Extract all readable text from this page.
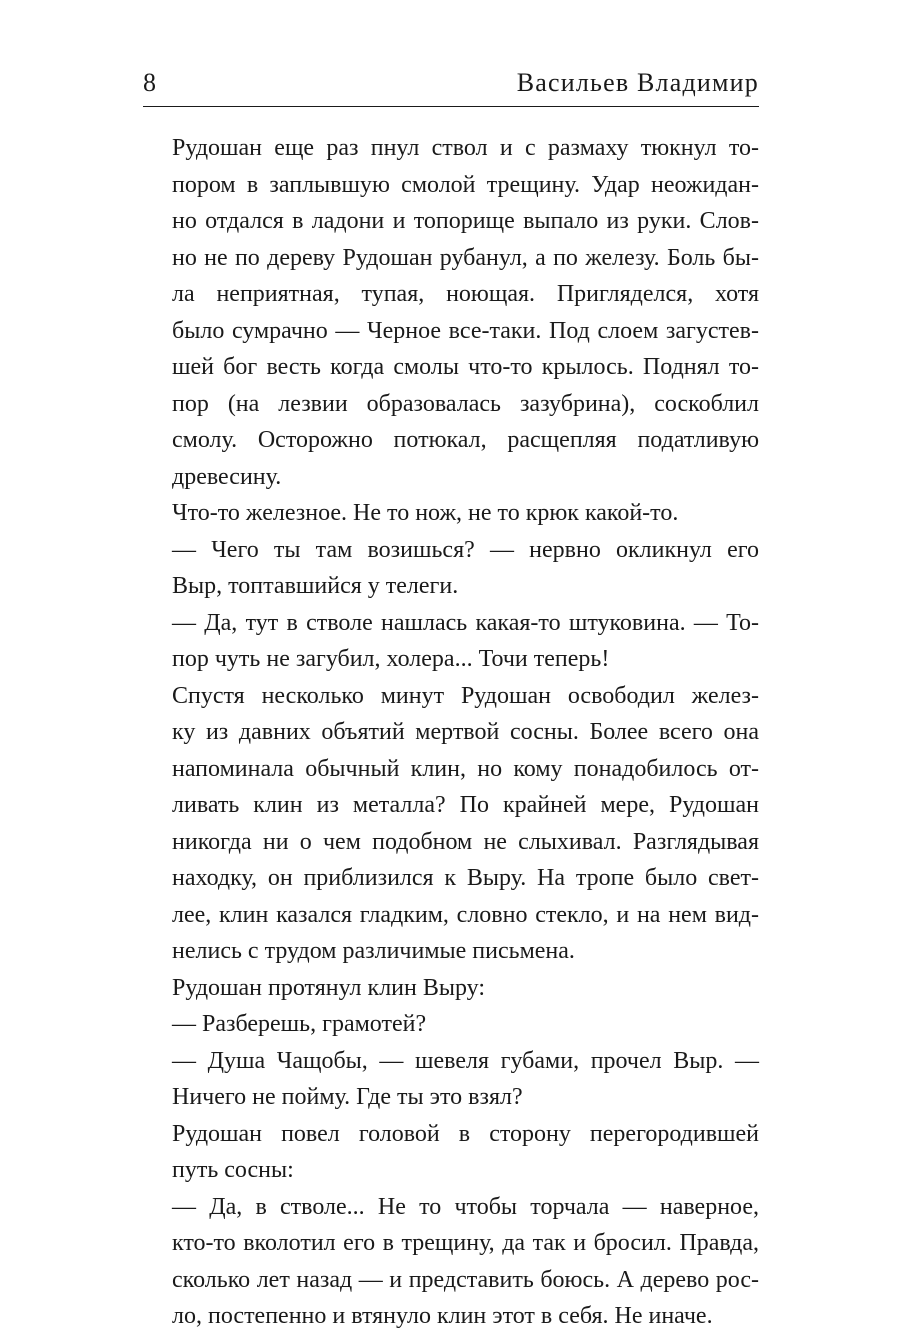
8	Васильев Владимир

Рудошан еще раз пнул ствол и с размаху тюкнул то-
пором в заплывшую смолой трещину. Удар неожидан-
но отдался в ладони и топорище выпало из руки. Слов-
но не по дереву Рудошан рубанул, а по железу. Боль бы-
ла неприятная, тупая, ноющая. Пригляделся, хотя
было сумрачно — Черное все-таки. Под слоем загустев-
шей бог весть когда смолы что-то крылось. Поднял то-
пор (на лезвии образовалась зазубрина), соскоблил
смолу. Осторожно потюкал, расщепляя податливую
древесину.

Что-то железное. Не то нож, не то крюк какой-то.

— Чего ты там возишься? — нервно окликнул его
Выр, топтавшийся у телеги.

— Да, тут в стволе нашлась какая-то штуковина. — То-
пор чуть не загубил, холера... Точи теперь!

Спустя несколько минут Рудошан освободил желез-
ку из давних объятий мертвой сосны. Более всего она
напоминала обычный клин, но кому понадобилось от-
ливать клин из металла? По крайней мере, Рудошан
никогда ни о чем подобном не слыхивал. Разглядывая
находку, он приблизился к Выру. На тропе было свет-
лее, клин казался гладким, словно стекло, и на нем вид-
нелись с трудом различимые письмена.

Рудошан протянул клин Выру:

— Разберешь, грамотей?

— Душа Чащобы, — шевеля губами, прочел Выр. —
Ничего не пойму. Где ты это взял?

Рудошан повел головой в сторону перегородившей
путь сосны:

— Да, в стволе... Не то чтобы торчала — наверное,
кто-то вколотил его в трещину, да так и бросил. Правда,
сколько лет назад — и представить боюсь. А дерево рос-
ло, постепенно и втянуло клин этот в себя. Не иначе.
